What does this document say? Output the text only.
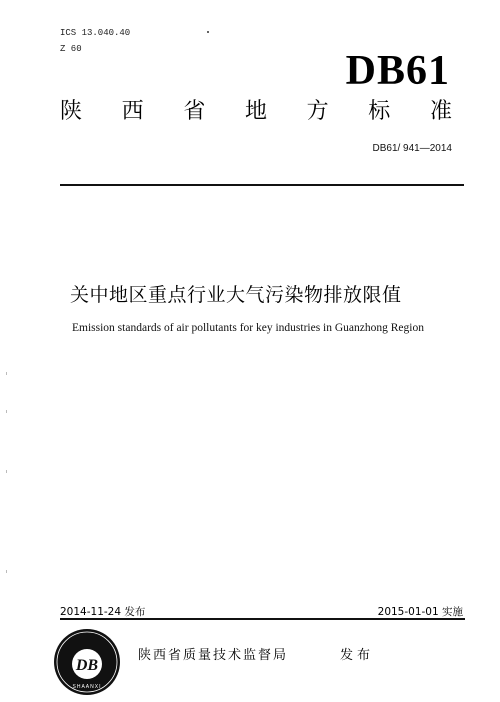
ICS 13.040.40
Z 60	DB61
陕 西 省 地 方 标 准
DB61/ 941—2014
关中地区重点行业大气污染物排放限值
Emission standards of air pollutants for key industries in Guanzhong Region
2014-11-24 发布	2015-01-01 实施
DB
SHAANXI
陕西省质量技术监督局	发布
